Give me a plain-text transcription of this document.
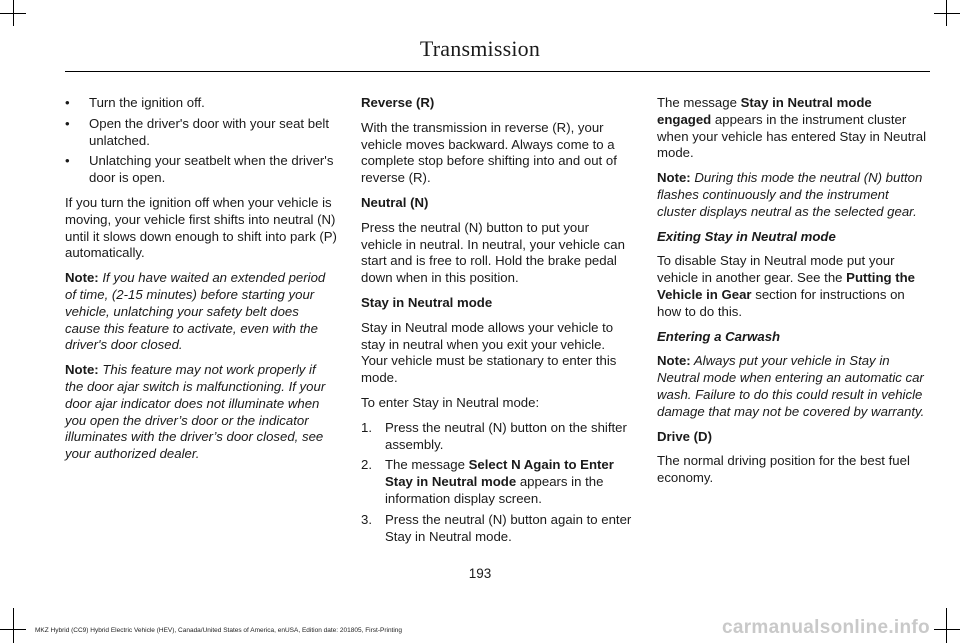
Transmission
• Turn the ignition off.
• Open the driver's door with your seat belt unlatched.
• Unlatching your seatbelt when the driver's door is open.

If you turn the ignition off when your vehicle is moving, your vehicle first shifts into neutral (N) until it slows down enough to shift into park (P) automatically.

Note: If you have waited an extended period of time, (2-15 minutes) before starting your vehicle, unlatching your safety belt does cause this feature to activate, even with the driver's door closed.

Note: This feature may not work properly if the door ajar switch is malfunctioning. If your door ajar indicator does not illuminate when you open the driver’s door or the indicator illuminates with the driver’s door closed, see your authorized dealer.

Reverse (R)

With the transmission in reverse (R), your vehicle moves backward. Always come to a complete stop before shifting into and out of reverse (R).

Neutral (N)

Press the neutral (N) button to put your vehicle in neutral. In neutral, your vehicle can start and is free to roll. Hold the brake pedal down when in this position.

Stay in Neutral mode

Stay in Neutral mode allows your vehicle to stay in neutral when you exit your vehicle. Your vehicle must be stationary to enter this mode.

To enter Stay in Neutral mode:

1. Press the neutral (N) button on the shifter assembly.
2. The message Select N Again to Enter Stay in Neutral mode appears in the information display screen.
3. Press the neutral (N) button again to enter Stay in Neutral mode.

The message Stay in Neutral mode engaged appears in the instrument cluster when your vehicle has entered Stay in Neutral mode.

Note: During this mode the neutral (N) button flashes continuously and the instrument cluster displays neutral as the selected gear.

Exiting Stay in Neutral mode

To disable Stay in Neutral mode put your vehicle in another gear. See the Putting the Vehicle in Gear section for instructions on how to do this.

Entering a Carwash

Note: Always put your vehicle in Stay in Neutral mode when entering an automatic car wash. Failure to do this could result in vehicle damage that may not be covered by warranty.

Drive (D)

The normal driving position for the best fuel economy.

193
MKZ Hybrid (CC9) Hybrid Electric Vehicle (HEV), Canada/United States of America, enUSA, Edition date: 201805, First-Printing	carmanualsonline.info
